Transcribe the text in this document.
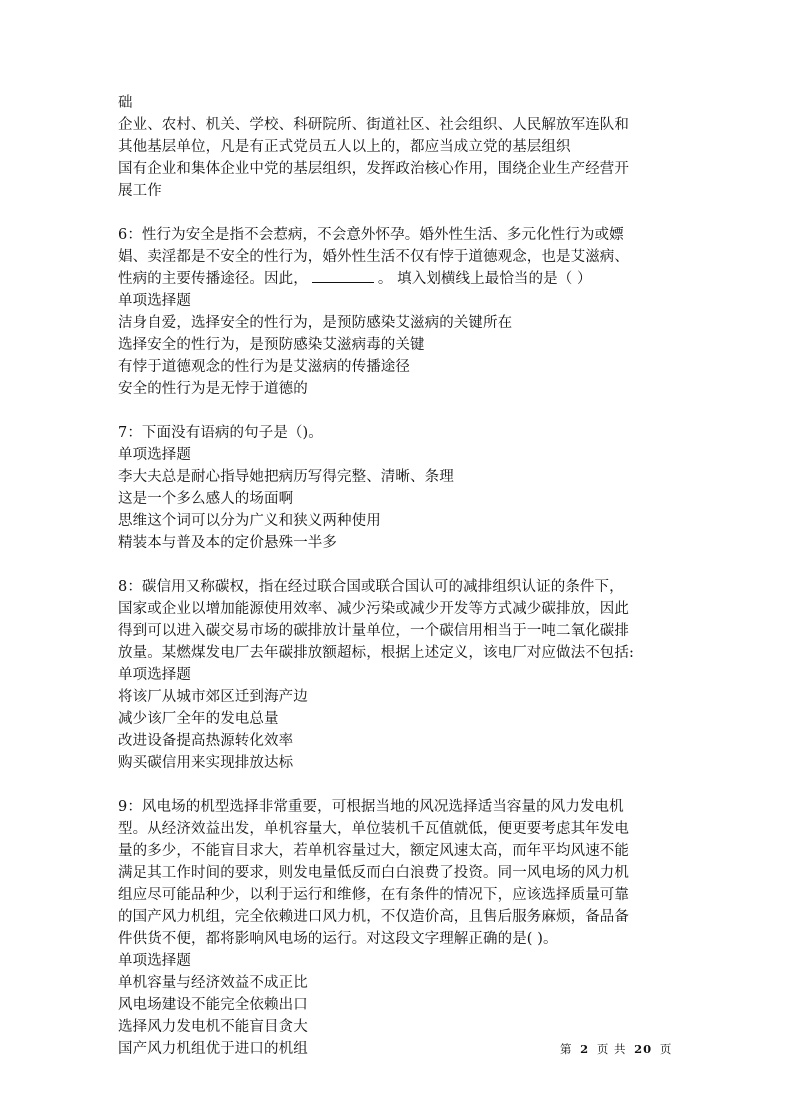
础
企业、农村、机关、学校、科研院所、街道社区、社会组织、人民解放军连队和
其他基层单位，凡是有正式党员五人以上的，都应当成立党的基层组织
国有企业和集体企业中党的基层组织，发挥政治核心作用，围绕企业生产经营开
展工作
6：性行为安全是指不会惹病，不会意外怀孕。婚外性生活、多元化性行为或嫖
娼、卖淫都是不安全的性行为，婚外性生活不仅有悖于道德观念，也是艾滋病、
性病的主要传播途径。因此，	。 填入划横线上最恰当的是（ ）
单项选择题
洁身自爱，选择安全的性行为，是预防感染艾滋病的关键所在
选择安全的性行为，是预防感染艾滋病毒的关键
有悖于道德观念的性行为是艾滋病的传播途径
安全的性行为是无悖于道德的
7：下面没有语病的句子是（)。
单项选择题
李大夫总是耐心指导她把病历写得完整、清晰、条理
这是一个多么感人的场面啊
思维这个词可以分为广义和狭义两种使用
精装本与普及本的定价悬殊一半多
8：碳信用又称碳权，指在经过联合国或联合国认可的减排组织认证的条件下，
国家或企业以增加能源使用效率、减少污染或减少开发等方式减少碳排放，因此
得到可以进入碳交易市场的碳排放计量单位，一个碳信用相当于一吨二氧化碳排
放量。某燃煤发电厂去年碳排放额超标，根据上述定义，该电厂对应做法不包括:
单项选择题
将该厂从城市郊区迁到海产边
减少该厂全年的发电总量
改进设备提高热源转化效率
购买碳信用来实现排放达标
9：风电场的机型选择非常重要，可根据当地的风况选择适当容量的风力发电机
型。从经济效益出发，单机容量大，单位装机千瓦值就低，便更要考虑其年发电
量的多少，不能盲目求大，若单机容量过大，额定风速太高，而年平均风速不能
满足其工作时间的要求，则发电量低反而白白浪费了投资。同一风电场的风力机
组应尽可能品种少，以利于运行和维修，在有条件的情况下，应该选择质量可靠
的国产风力机组，完全依赖进口风力机，不仅造价高，且售后服务麻烦，备品备
件供货不便，都将影响风电场的运行。对这段文字理解正确的是( )。
单项选择题
单机容量与经济效益不成正比
风电场建设不能完全依赖出口
选择风力发电机不能盲目贪大
国产风力机组优于进口的机组	第 2 页 共 20 页
